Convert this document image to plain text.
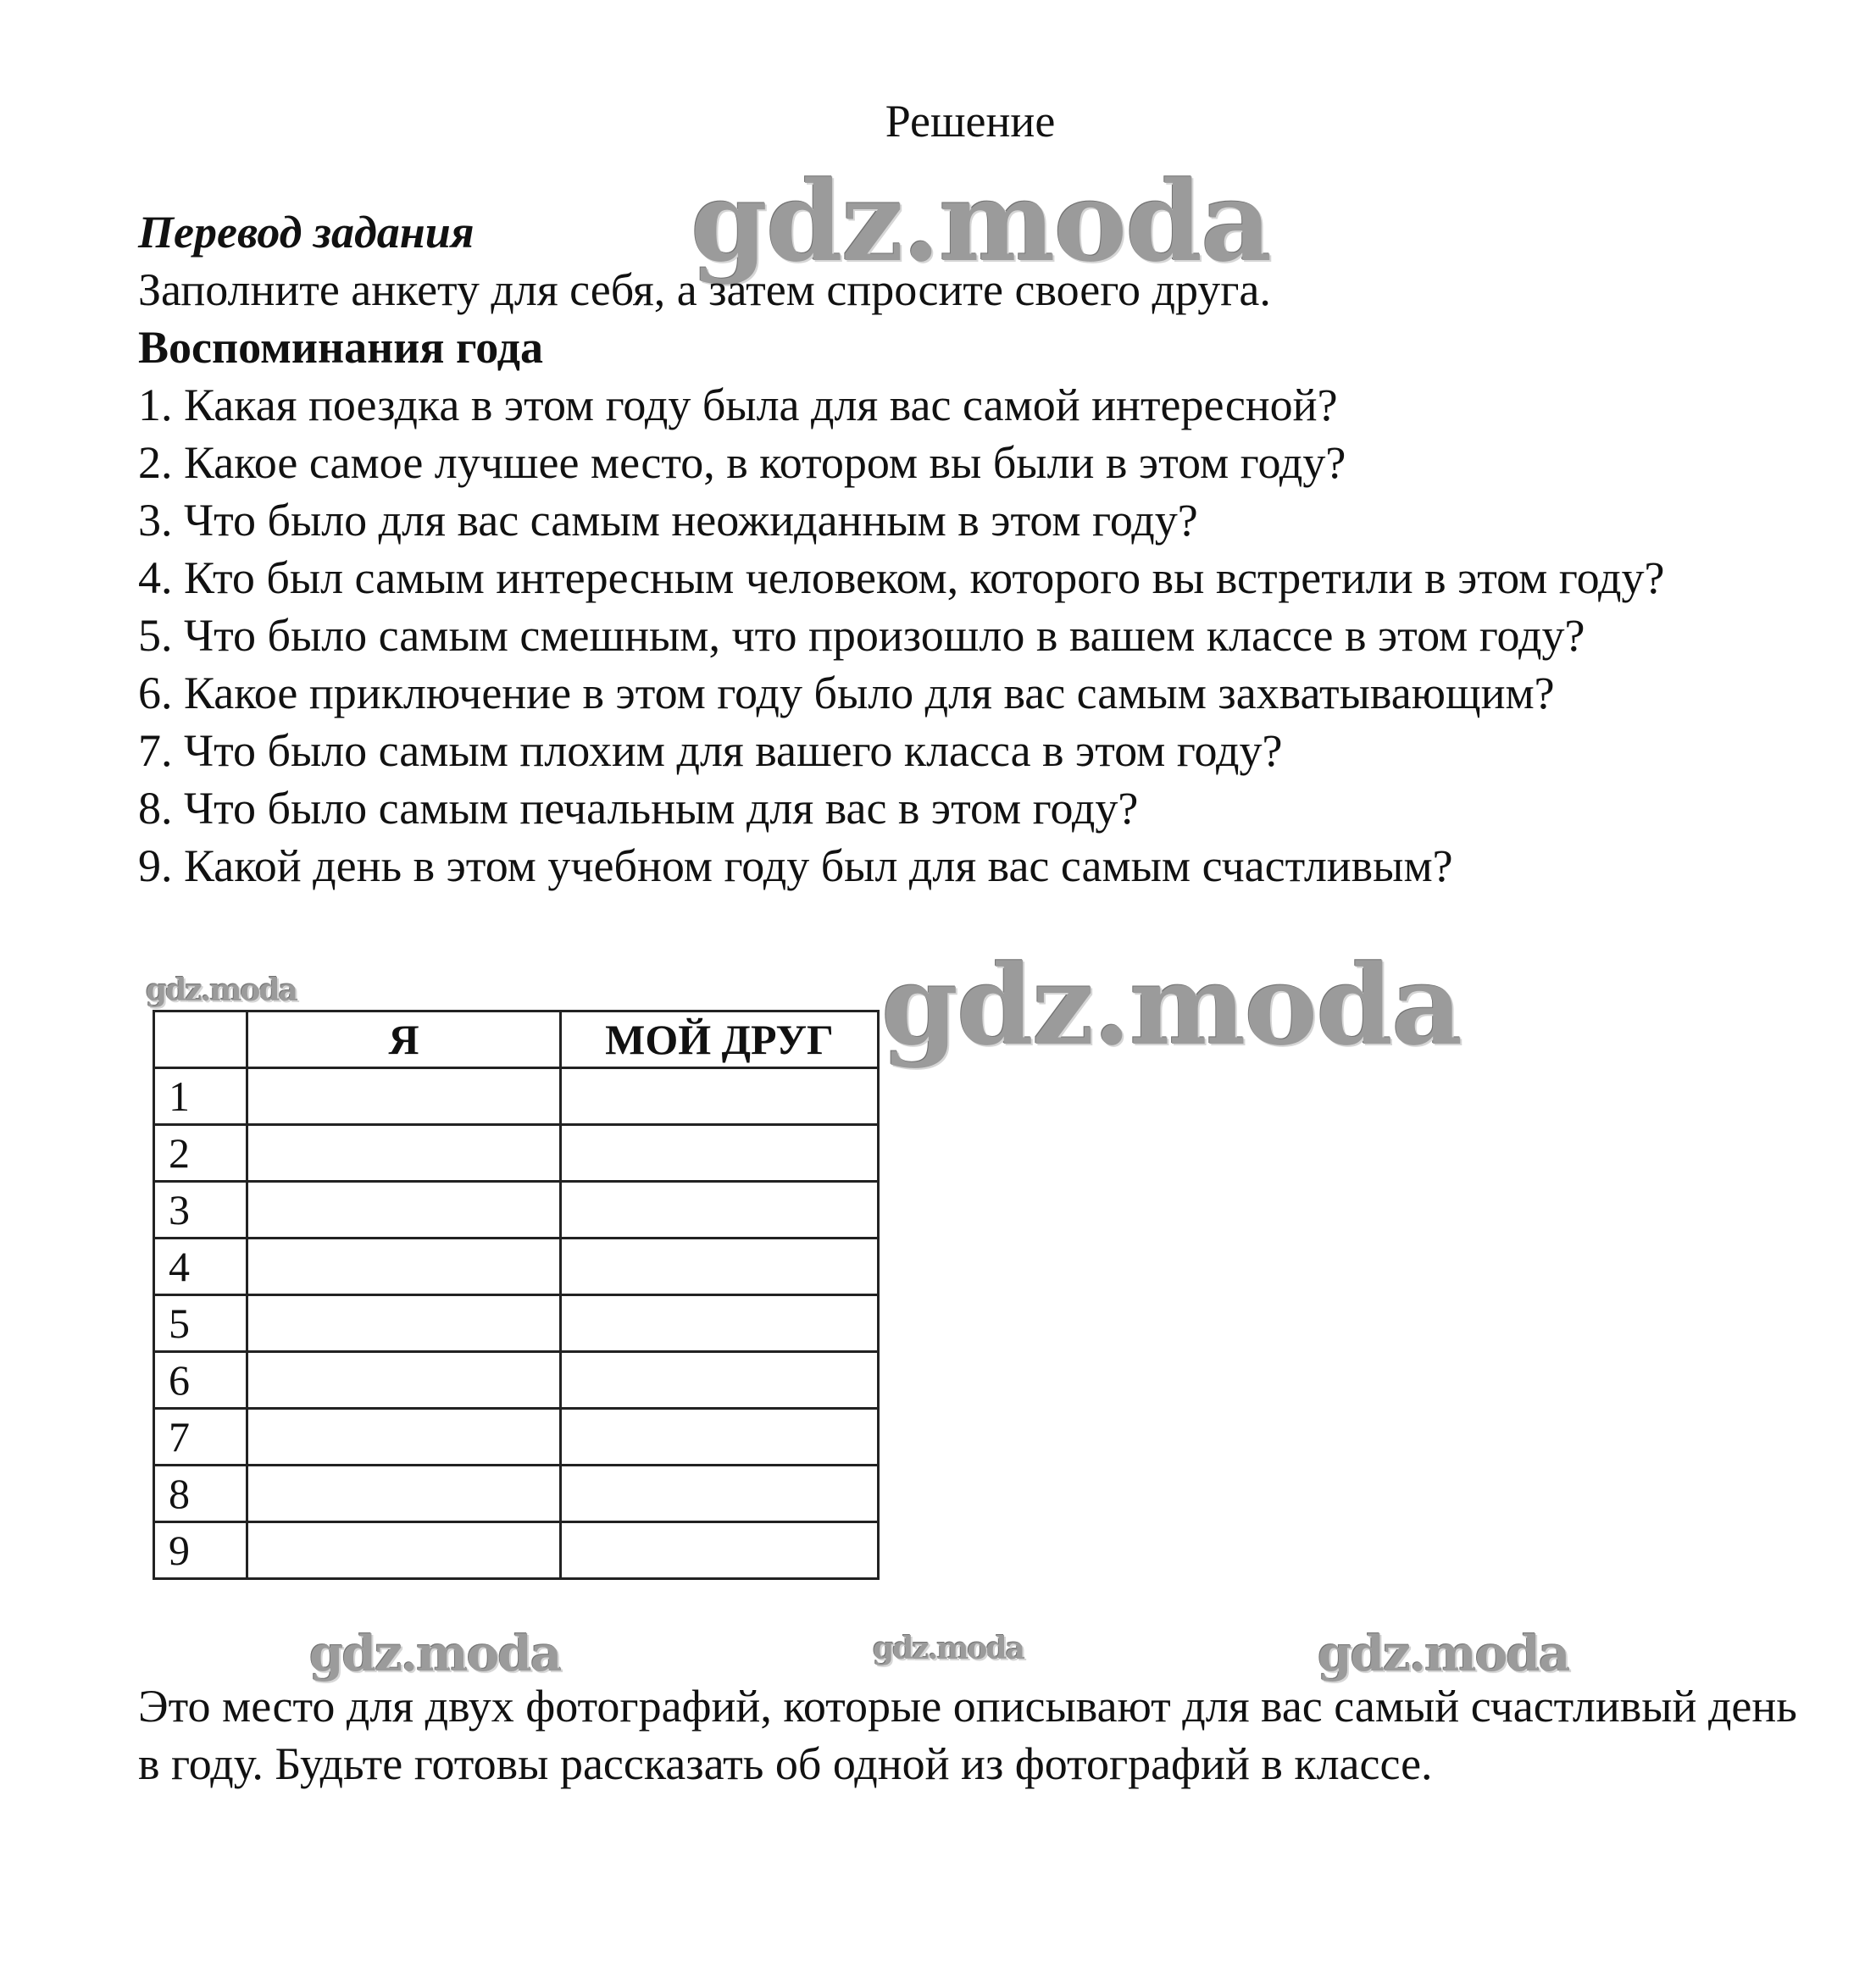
Решение
gdz.moda
Перевод задания
Заполните анкету для себя, а затем спросите своего друга.
Воспоминания года
1. Какая поездка в этом году была для вас самой интересной?
2. Какое самое лучшее место, в котором вы были в этом году?
3. Что было для вас самым неожиданным в этом году?
4. Кто был самым интересным человеком, которого вы встретили в этом году?
5. Что было самым смешным, что произошло в вашем классе в этом году?
6. Какое приключение в этом году было для вас самым захватывающим?
7. Что было самым плохим для вашего класса в этом году?
8. Что было самым печальным для вас в этом году?
9. Какой день в этом учебном году был для вас самым счастливым?
gdz.moda	gdz.moda
	Я	МОЙ ДРУГ
1		
2		
3		
4		
5		
6		
7		
8		
9		
gdz.moda	gdz.moda	gdz.moda
Это место для двух фотографий, которые описывают для вас самый счастливый день в году. Будьте готовы рассказать об одной из фотографий в классе.
